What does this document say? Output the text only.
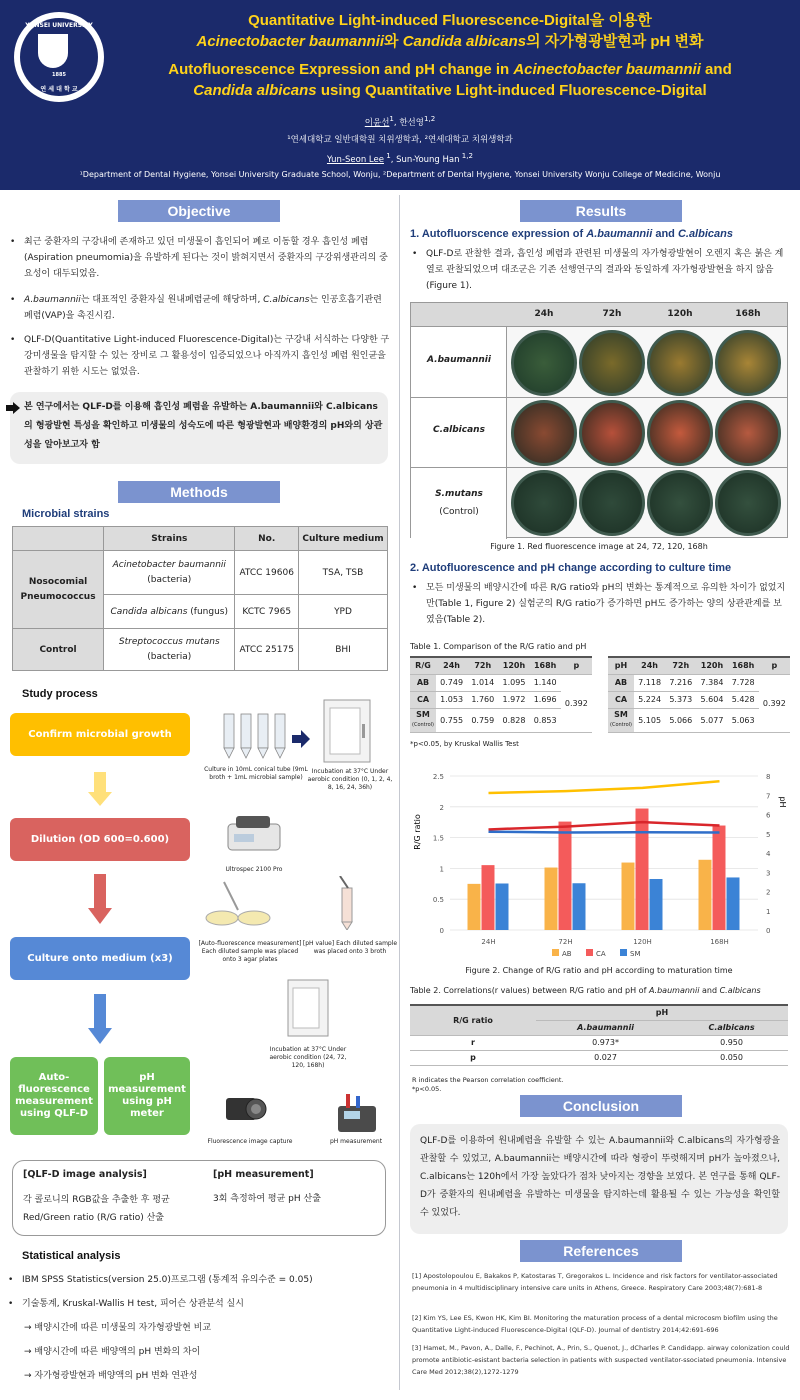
YONSEI UNIVERSITY
1885
연 세 대 학 교
Quantitative Light-induced Fluorescence-Digital을 이용한
Acinectobacter baumannii와 Candida albicans의 자가형광발현과 pH 변화
Autofluorescence Expression and pH change in Acinectobacter baumannii and
Candida albicans using Quantitative Light-induced Fluorescence-Digital
이윤선$^1$, 한선영$^{1,2}$
¹연세대학교 일반대학원 치위생학과, ²연세대학교 치위생학과
Yun-Seon Lee $^1$, Sun-Young Han $^{1,2}$
¹Department of Dental Hygiene, Yonsei University Graduate School, Wonju, ²Department of Dental Hygiene, Yonsei University Wonju College of Medicine, Wonju
Objective
• 최근 중환자의 구강내에 존재하고 있던 미생물이 흡인되어 폐로 이동할 경우 흡인성 폐렴(Aspiration pneumomia)을 유발하게 된다는 것이 밝혀지면서 중환자의 구강위생관리의 중요성이 대두되었음.
• A.baumannii는 대표적인 중환자실 원내폐렴균에 해당하며, C.albicans는 인공호흡기관련 폐렴(VAP)을 촉진시킴.
• QLF-D(Quantitative Light-induced Fluorescence-Digital)는 구강내 서식하는 다양한 구강미생물을 탐지할 수 있는 장비로 그 활용성이 입증되었으나 아직까지 흡인성 폐렴 원인균을 관찰하기 위한 시도는 없었음.
본 연구에서는 QLF-D를 이용해 흡인성 폐렴을 유발하는 A.baumannii와 C.albicans의 형광발현 특성을 확인하고 미생물의 성숙도에 따른 형광발현과 배양환경의 pH와의 상관성을 알아보고자 함
Methods
Microbial strains
	Strains	No.	Culture medium
Nosocomial Pneumococcus	Acinetobacter baumannii (bacteria)	ATCC 19606	TSA, TSB
	Candida albicans (fungus)	KCTC 7965	YPD
Control	Streptococcus mutans (bacteria)	ATCC 25175	BHI
Study process
Confirm microbial growth
Dilution (OD 600=0.600)
Culture onto medium (x3)
Auto-fluorescence measurement using QLF-D
pH measurement using pH meter
Culture in 10mL conical tube (9mL broth + 1mL microbial sample)
Incubation at 37°C Under aerobic condition (0, 1, 2, 4, 8, 16, 24, 36h)
Ultrospec 2100 Pro
[Auto-fluorescence measurement] Each diluted sample was placed onto 3 agar plates
[pH value] Each diluted sample was placed onto 3 broth
Incubation at 37°C Under aerobic condition (24, 72, 120, 168h)
Fluorescence image capture	pH measurement
[QLF-D image analysis]
각 콜로니의 RGB값을 추출한 후 평균 Red/Green ratio (R/G ratio) 산출
[pH measurement]
3회 측정하여 평균 pH 산출
Statistical analysis
• IBM SPSS Statistics(version 25.0)프로그램 (통계적 유의수준 = 0.05)
• 기술통계, Kruskal-Wallis H test, 피어슨 상관분석 실시
→ 배양시간에 따른 미생물의 자가형광발현 비교
→ 배양시간에 따른 배양액의 pH 변화의 차이
→ 자가형광발현과 배양액의 pH 변화 연관성
Results
1. Autofluorscence expression of A.baumannii and C.albicans
• QLF-D로 관찰한 결과, 흡인성 폐렴과 관련된 미생물의 자가형광발현이 오렌지 혹은 붉은 계열로 관찰되었으며 대조군은 기존 선행연구의 결과와 동일하게 자가형광발현을 하지 않음(Figure 1).
24h	72h	120h	168h
A.baumannii
C.albicans
S.mutans
(Control)
Figure 1. Red fluorescence image at 24, 72, 120, 168h
2. Autofluorescence and pH change according to culture time
• 모든 미생물의 배양시간에 따른 R/G ratio와 pH의 변화는 통계적으로 유의한 차이가 없었지만(Table 1, Figure 2) 실험군의 R/G ratio가 증가하면 pH도 증가하는 양의 상관관계를 보였음(Table 2).
Table 1. Comparison of the R/G ratio and pH
R/G	24h	72h	120h	168h	p
AB	0.749	1.014	1.095	1.140	0.392
CA	1.053	1.760	1.972	1.696	
SM
(Control)	0.755	0.759	0.828	0.853	
pH	24h	72h	120h	168h	p
AB	7.118	7.216	7.384	7.728	0.392
CA	5.224	5.373	5.604	5.428	
SM
(Control)	5.105	5.066	5.077	5.063	
*p<0.05, by Kruskal Wallis Test
0
0.5
1
1.5
2
2.5
0
1
2
3
4
5
6
7
8
24H	72H	120H	168H
R/G ratio
pH
AB	CA	SM
Figure 2. Change of R/G ratio and pH according to maturation time
Table 2. Correlations(r values) between R/G ratio and pH of A.baumannii and C.albicans
R/G ratio	pH	
	A.baumannii	C.albicans
r	0.973*	0.950
p	0.027	0.050
R indicates the Pearson correlation coefficient.
*p<0.05.
Conclusion
QLF-D를 이용하여 원내폐렴을 유발할 수 있는 A.baumannii와 C.albicans의 자가형광을 관찰할 수 있었고, A.baumannii는 배양시간에 따라 형광이 뚜렷해지며 pH가 높아졌으나, C.albicans는 120h에서 가장 높았다가 점차 낮아지는 경향을 보였다. 본 연구를 통해 QLF-D가 중환자의 원내폐렴을 유발하는 미생물을 탐지하는데 활용될 수 있는 가능성을 확인할 수 있었다.
References
[1] Apostolopoulou E, Bakakos P, Katostaras T, Gregorakos L. Incidence and risk factors for ventilator-associated pneumonia in 4 multidisciplinary intensive care units in Athens, Greece. Respiratory Care 2003;48(7):681-8
[2] Kim YS, Lee ES, Kwon HK, Kim BI. Monitoring the maturation process of a dental microcosm biofilm using the Quantitative Light-induced Fluorescence-Digital (QLF-D). Journal of dentistry 2014;42:691-696
[3] Hamet, M., Pavon, A., Dalle, F., Pechinot, A., Prin, S., Quenot, J., dCharles P. Candidapp. airway colonization could promote antibiotic-esistant bacteria selection in patients with suspected ventilator-ssociated pneumonia. Intensive Care Med 2012;38(2),1272-1279
